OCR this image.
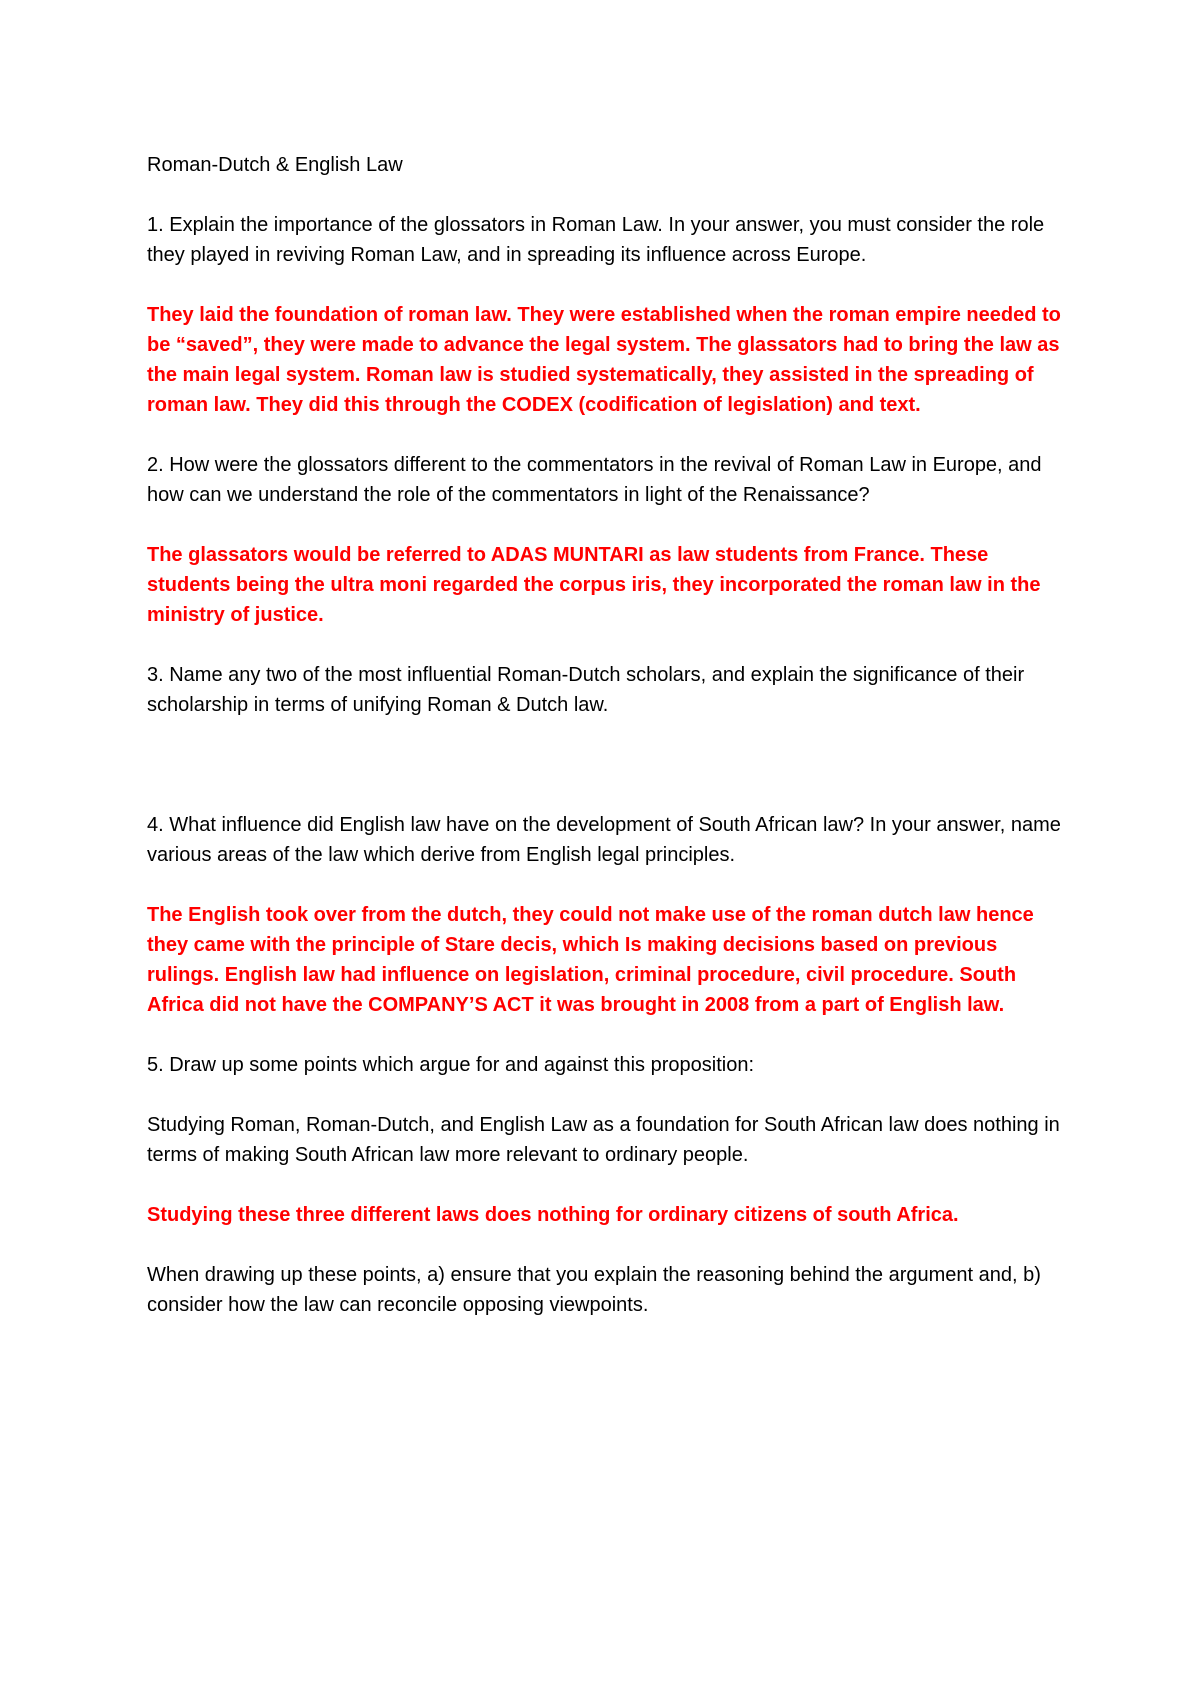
Roman-Dutch & English Law

1. Explain the importance of the glossators in Roman Law. In your answer, you must consider the role they played in reviving Roman Law, and in spreading its influence across Europe.

They laid the foundation of roman law. They were established when the roman empire needed to be “saved”, they were made to advance the legal system. The glassators had to bring the law as the main legal system. Roman law is studied systematically, they assisted in the spreading of roman law. They did this through the CODEX (codification of legislation) and text.

2. How were the glossators different to the commentators in the revival of Roman Law in Europe, and how can we understand the role of the commentators in light of the Renaissance?

The glassators would be referred to ADAS MUNTARI as law students from France. These students being the ultra moni regarded the corpus iris, they incorporated the roman law in the ministry of justice.

3. Name any two of the most influential Roman-Dutch scholars, and explain the significance of their scholarship in terms of unifying Roman & Dutch law.

4. What influence did English law have on the development of South African law? In your answer, name various areas of the law which derive from English legal principles.

The English took over from the dutch, they could not make use of the roman dutch law hence they came with the principle of Stare decis, which Is making decisions based on previous rulings. English law had influence on legislation, criminal procedure, civil procedure. South Africa did not have the COMPANY’S ACT it was brought in 2008 from a part of English law.

5. Draw up some points which argue for and against this proposition:

Studying Roman, Roman-Dutch, and English Law as a foundation for South African law does nothing in terms of making South African law more relevant to ordinary people.

Studying these three different laws does nothing for ordinary citizens of south Africa.

When drawing up these points, a) ensure that you explain the reasoning behind the argument and, b) consider how the law can reconcile opposing viewpoints.
